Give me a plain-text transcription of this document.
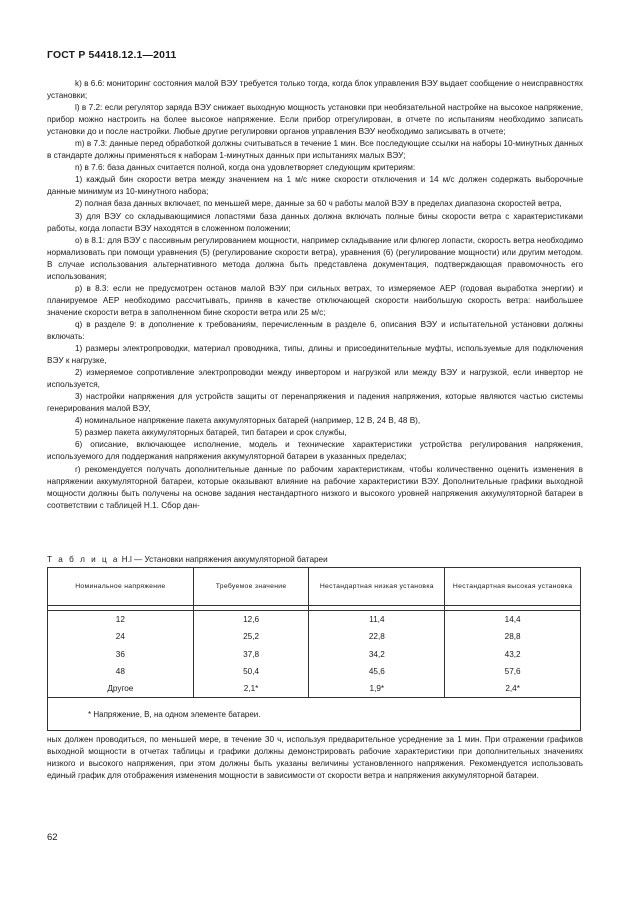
ГОСТ Р 54418.12.1—2011

k) в 6.6: мониторинг состояния малой ВЭУ требуется только тогда, когда блок управления ВЭУ выдает сообщение о неисправностях установки;

l) в 7.2: если регулятор заряда ВЭУ снижает выходную мощность установки при необязательной настройке на высокое напряжение, прибор можно настроить на более высокое напряжение. Если прибор отрегулирован, в отчете по испытаниям необходимо записать установки до и после настройки. Любые другие регулировки органов управления ВЭУ необходимо записывать в отчете;

m) в 7.3: данные перед обработкой должны считываться в течение 1 мин. Все последующие ссылки на наборы 10-минутных данных в стандарте должны применяться к наборам 1-минутных данных при испытаниях малых ВЭУ;

n) в 7.6: база данных считается полной, когда она удовлетворяет следующим критериям:

1) каждый бин скорости ветра между значением на 1 м/с ниже скорости отключения и 14 м/с должен содержать выборочные данные минимум из 10-минутного набора;

2) полная база данных включает, по меньшей мере, данные за 60 ч работы малой ВЭУ в пределах диапазона скоростей ветра,

3) для ВЭУ со складывающимися лопастями база данных должна включать полные бины скорости ветра с характеристиками работы, когда лопасти ВЭУ находятся в сложенном положении;

о) в 8.1: для ВЭУ с пассивным регулированием мощности, например складывание или флюгер лопасти, скорость ветра необходимо нормализовать при помощи уравнения (5) (регулирование скорости ветра), уравнения (6) (регулирование мощности) или другим методом. В случае использования альтернативного метода должна быть представлена документация, подтверждающая правомочность его использования;

р) в 8.3: если не предусмотрен останов малой ВЭУ при сильных ветрах, то измеряемое AEP (годовая выработка энергии) и планируемое AEP необходимо рассчитывать, приняв в качестве отключающей скорости наибольшую скорость ветра: наибольшее значение скорости ветра в заполненном бине скорости ветра или 25 м/с;

q) в разделе 9: в дополнение к требованиям, перечисленным в разделе 6, описания ВЭУ и испытательной установки должны включать:

1) размеры электропроводки, материал проводника, типы, длины и присоединительные муфты, используемые для подключения ВЭУ к нагрузке,

2) измеряемое сопротивление электропроводки между инвертором и нагрузкой или между ВЭУ и нагрузкой, если инвертор не используется,

3) настройки напряжения для устройств защиты от перенапряжения и падения напряжения, которые являются частью системы генерирования малой ВЭУ,

4) номинальное напряжение пакета аккумуляторных батарей (например, 12 В, 24 В, 48 В),

5) размер пакета аккумуляторных батарей, тип батареи и срок службы,

6) описание, включающее исполнение, модель и технические характеристики устройства регулирования напряжения, используемого для поддержания напряжения аккумуляторной батареи в указанных пределах;

r) рекомендуется получать дополнительные данные по рабочим характеристикам, чтобы количественно оценить изменения в напряжении аккумуляторной батареи, которые оказывают влияние на рабочие характеристики ВЭУ. Дополнительные графики выходной мощности должны быть получены на основе задания нестандартного низкого и высокого уровней напряжения аккумуляторной батареи в соответствии с таблицей Н.1. Сбор дан-

Т а б л и ц а Н.l — Установки напряжения аккумуляторной батареи
Номинальное напряжение	Требуемое значение	Нестандартная низкая установка	Нестандартная высокая установка

12	12,6	11,4	14,4
24	25,2	22,8	28,8
36	37,8	34,2	43,2
48	50,4	45,6	57,6
Другое	2,1*	1,9*	2,4*
* Напряжение, В, на одном элементе батареи.			

ных должен проводиться, по меньшей мере, в течение 30 ч, используя предварительное усреднение за 1 мин. При отражении графиков выходной мощности в отчетах таблицы и графики должны демонстрировать рабочие характеристики при дополнительных значениях низкого и высокого напряжения, при этом должны быть указаны величины установленного напряжения. Рекомендуется использовать единый график для отображения изменения мощности в зависимости от скорости ветра и напряжения аккумуляторной батареи.

62
